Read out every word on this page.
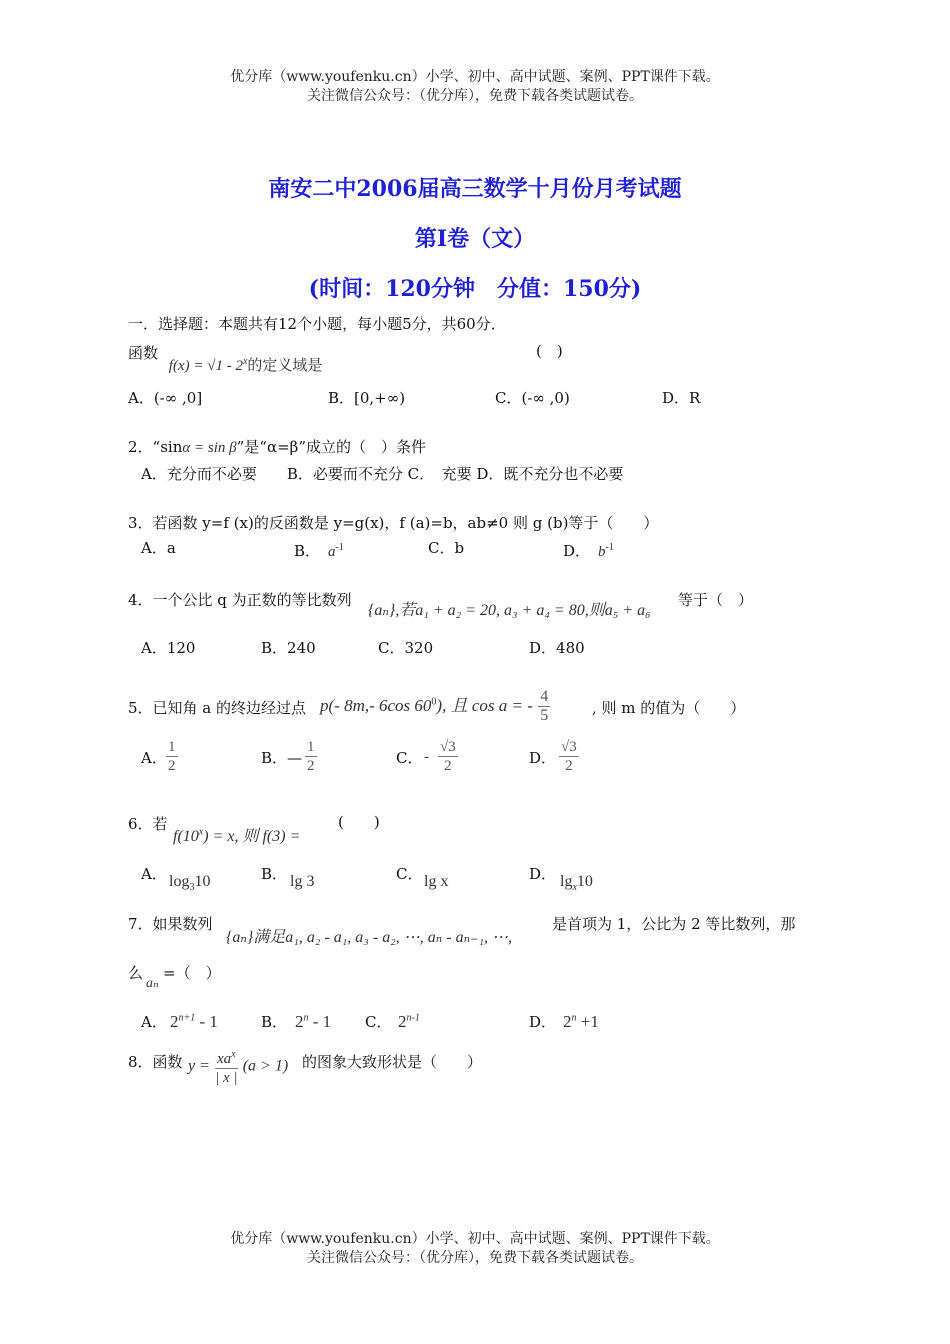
优分库（www.youfenku.cn）小学、初中、高中试题、案例、PPT课件下载。
关注微信公众号：（优分库），免费下载各类试题试卷。
南安二中2006届高三数学十月份月考试题
第I卷（文）
(时间：120分钟　分值：150分)
一．选择题：本题共有12个小题，每小题5分，共60分．
函数 f(x) = √1 - 2$^x$的定义域是
(　)
A．(-∞ ,0]	B．[0,+∞)	C．(-∞ ,0)	D．R
2．“sinα = sin β”是“α=β”成立的（　）条件
A．充分而不必要　　B．必要而不充分 C．　充要 D．既不充分也不必要
3．若函数 y=f (x)的反函数是 y=g(x)，f (a)=b，ab≠0 则 g (b)等于（　　）
A．a	B． $a^{-1}$	C．b	D． $b^{-1}$
4．一个公比 q 为正数的等比数列
{aₙ},若a₁ + a₂ = 20, a₃ + a₄ = 80,则a₅ + a₆
等于（　）
A．120	B．240	C．320	D．480
5．已知角 a 的终边经过点 p(- 8m,- 6cos $60^0$), 且 cos a = - $\frac{4}{5}$	, 则 m 的值为（　　）
A． $\frac{1}{2}$	B．— $\frac{1}{2}$	C． - $\frac{√3}{2}$	D． $\frac{√3}{2}$
6．若
$f(10^x) = x$, 则 f(3) =
(　　)
A． $\log_310$	B． lg 3	C． lg x	D． $\lg_x10$
7．如果数列
{aₙ}满足a₁, a₂ - a₁, a₃ - a₂, ⋯, aₙ - aₙ₋₁, ⋯,
是首项为 1，公比为 2 等比数列，那
么
aₙ
=（　）
A． $2^{n+1} - 1$	B． 2$^n$ - 1 C． 2$^{n-1}$	D． $2^n +1$
8．函数 $y = \frac{xa^x}{| x |} (a > 1)$ 的图象大致形状是（　　）
优分库（www.youfenku.cn）小学、初中、高中试题、案例、PPT课件下载。
关注微信公众号：（优分库），免费下载各类试题试卷。
